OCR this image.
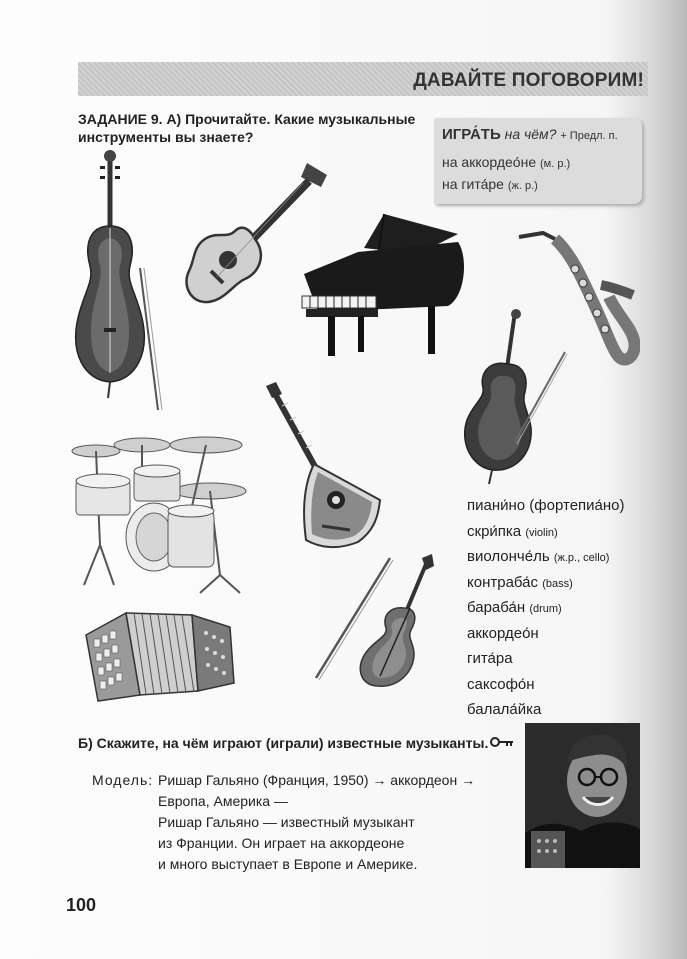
ДАВАЙТЕ ПОГОВОРИМ!
ЗАДАНИЕ 9. А) Прочитайте. Какие музыкальные
инструменты вы знаете?	ИГРА́ТЬ на чём? + Предл. п.
на аккордео́не (м. р.)
на гита́ре (ж. р.)
пиани́но (фортепиа́но)
скри́пка (violin)
виолонче́ль (ж.р., cello)
контраба́с (bass)
бараба́н (drum)
аккордео́н
гита́ра
саксофо́н
балала́йка
Б) Скажите, на чём играют (играли) известные музыканты.
Модель: Ришар Гальяно (Франция, 1950) → аккордеон →
Европа, Америка —
Ришар Гальяно — известный музыкант
из Франции. Он играет на аккордеоне
и много выступает в Европе и Америке.
100
